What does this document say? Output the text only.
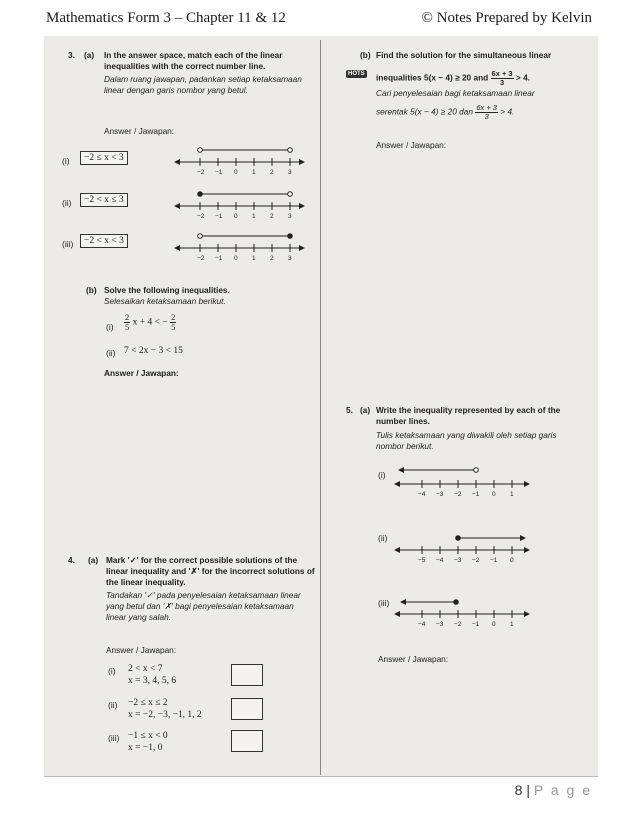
Mathematics Form 3 – Chapter 11 & 12	© Notes Prepared by Kelvin
3. (a) In the answer space, match each of the linear inequalities with the correct number line.
Dalam ruang jawapan, padankan setiap ketaksamaan linear dengan garis nombor yang betul.
Answer / Jawapan:
(i)	−2 ≤ x < 3
(ii)	−2 < x ≤ 3
(iii)	−2 < x < 3
−2 −1 0 1 2 3
−2 −1 0 1 2 3
−2 −1 0 1 2 3
(b) Solve the following inequalities.
Selesaikan ketaksamaan berikut.
$(i) \frac{2}{5}$ x + 4 < − $\frac{2}{5}$
(ii) 7 < 2x − 3 < 15
Answer / Jawapan:
4. (a) Mark '✓' for the correct possible solutions of the linear inequality and '✗' for the incorrect solutions of the linear inequality.
Tandakan '✓' pada penyelesaian ketaksamaan linear yang betul dan '✗' bagi penyelesaian ketaksamaan linear yang salah.
Answer / Jawapan:
(i) 2 < x < 7
x = 3, 4, 5, 6
(ii) −2 ≤ x ≤ 2
x = −2, −3, −1, 1, 2
(iii) −1 ≤ x < 0
x = −1, 0
(b) Find the solution for the simultaneous linear
HOTS inequalities 5(x − 4) ≥ 20 and $\frac{6x + 3}{3} > 4$.
Cari penyelesaian bagi ketaksamaan linear
serentak 5(x − 4) ≥ 20 dan $\frac{6x + 3}{3} > 4$.
Answer / Jawapan:
5. (a) Write the inequality represented by each of the number lines.
Tulis ketaksamaan yang diwakili oleh setiap garis nombor berikut.
(i)
(ii)
(iii)
−4 −3 −2 −1 0 1
−5 −4 −3 −2 −1 0
−4 −3 −2 −1 0 1
Answer / Jawapan:
8 | P a g e
